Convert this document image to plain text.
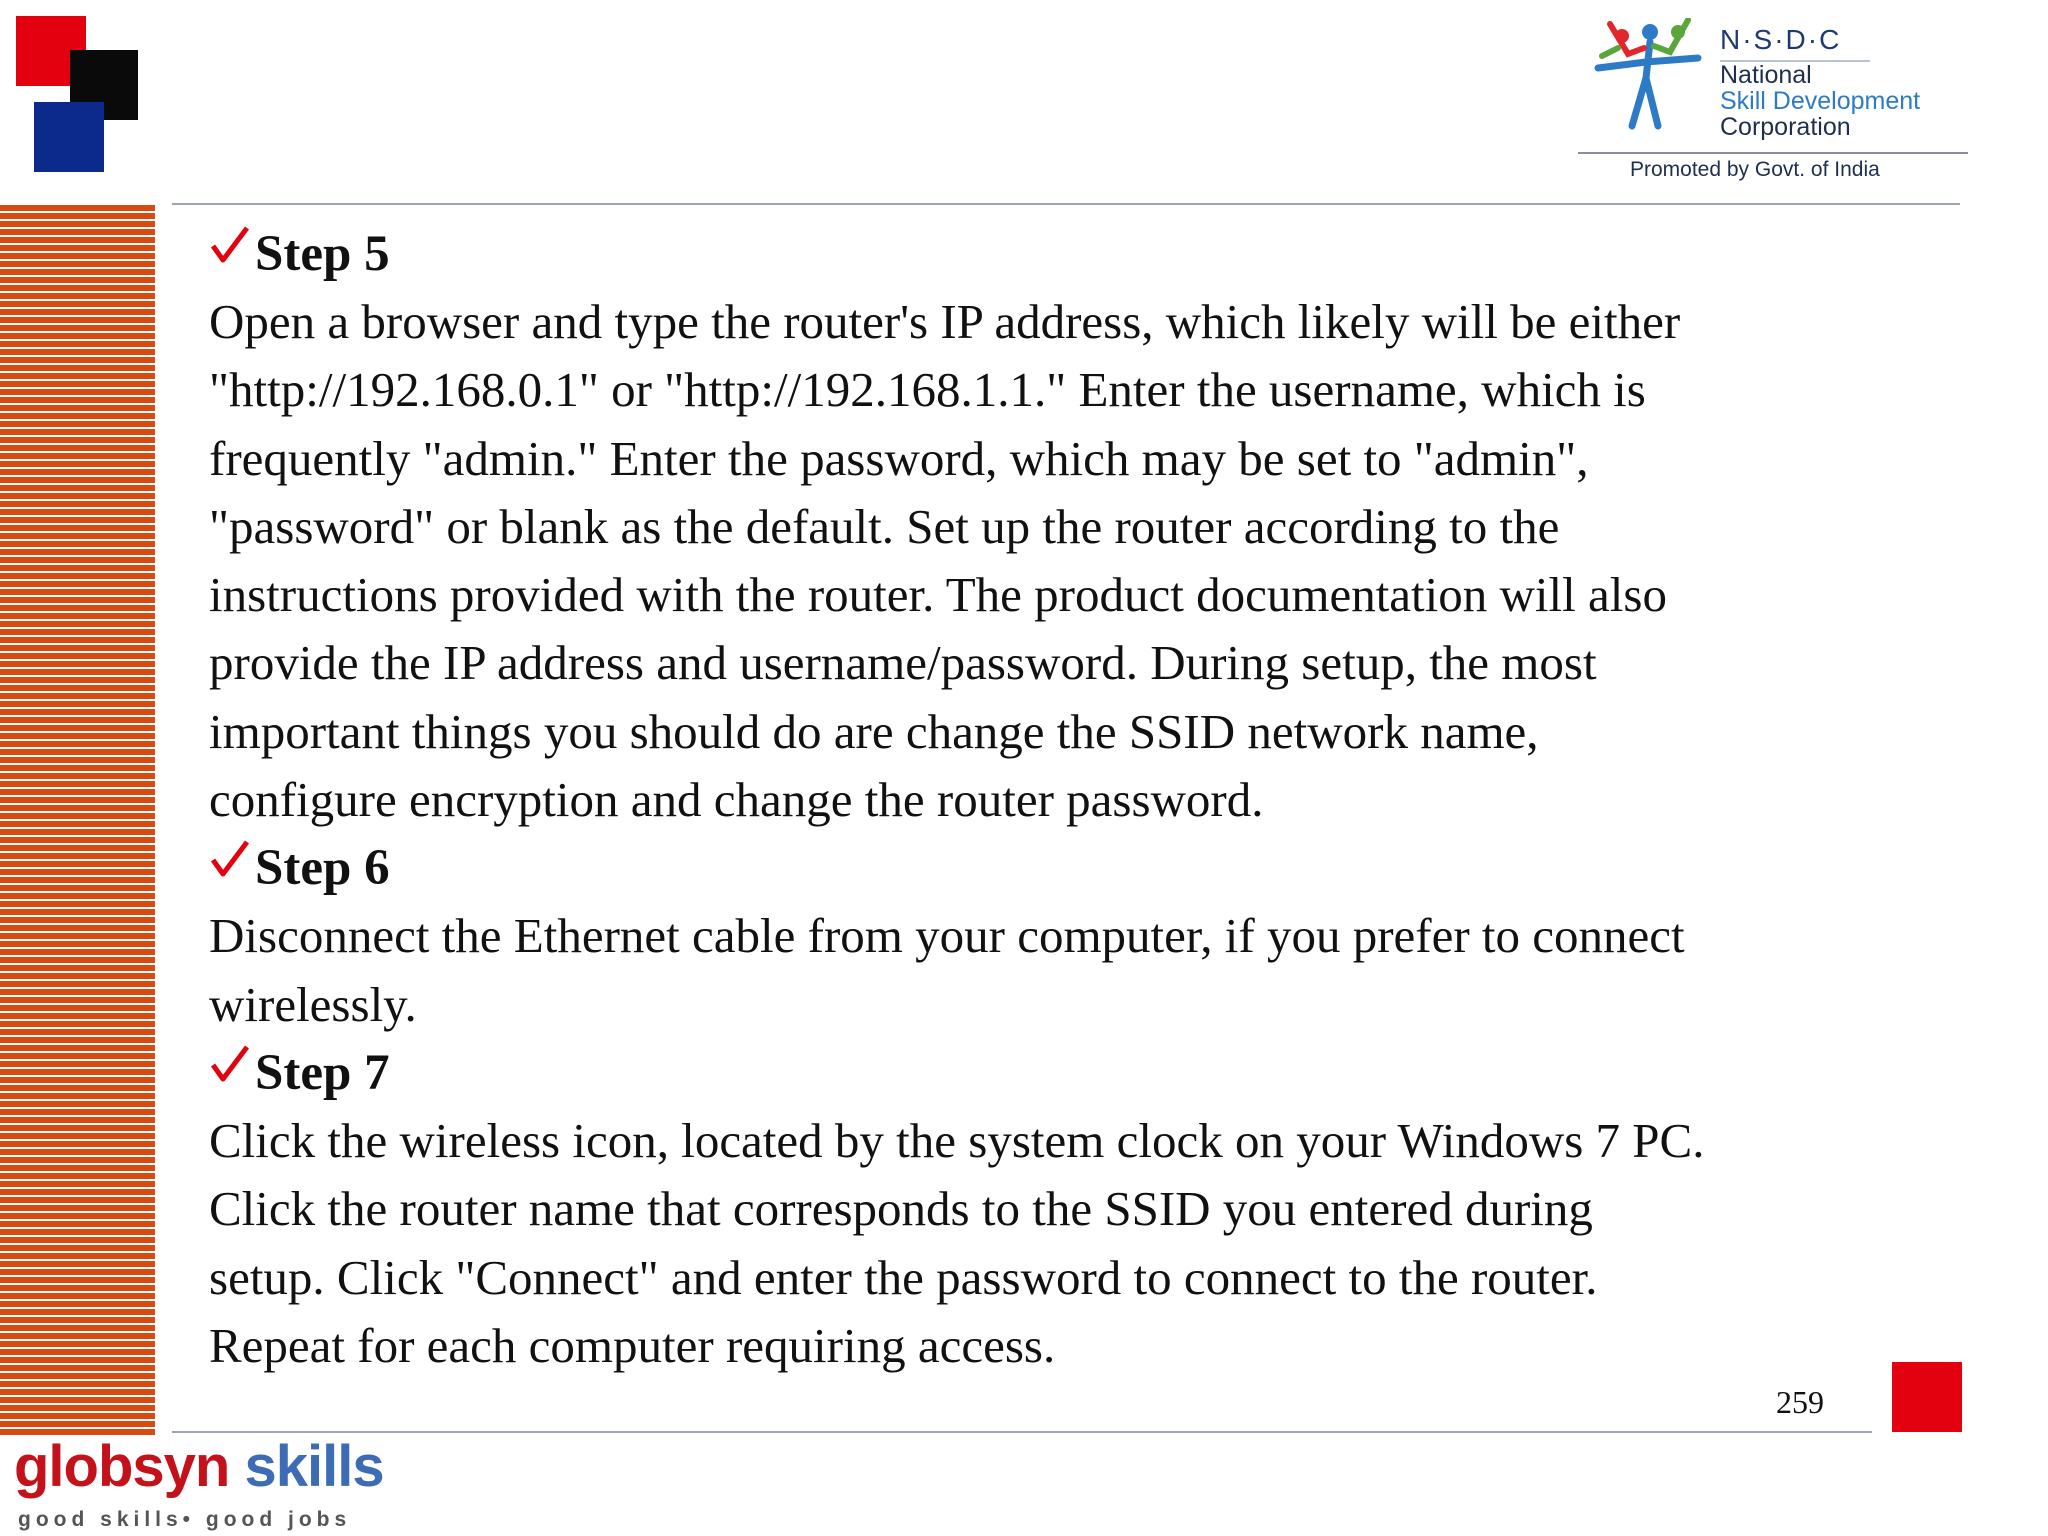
N·S·D·C
National
Skill Development
Corporation
Promoted by Govt. of India
Step 5

Open a browser and type the router's IP address, which likely will be either
"http://192.168.0.1" or "http://192.168.1.1." Enter the username, which is
frequently "admin." Enter the password, which may be set to "admin",
"password" or blank as the default. Set up the router according to the
instructions provided with the router. The product documentation will also
provide the IP address and username/password. During setup, the most
important things you should do are change the SSID network name,
configure encryption and change the router password.

Step 6

Disconnect the Ethernet cable from your computer, if you prefer to connect
wirelessly.

Step 7

Click the wireless icon, located by the system clock on your Windows 7 PC.
Click the router name that corresponds to the SSID you entered during
setup. Click "Connect" and enter the password to connect to the router.
Repeat for each computer requiring access.

259
globsyn skills
good skills• good jobs
